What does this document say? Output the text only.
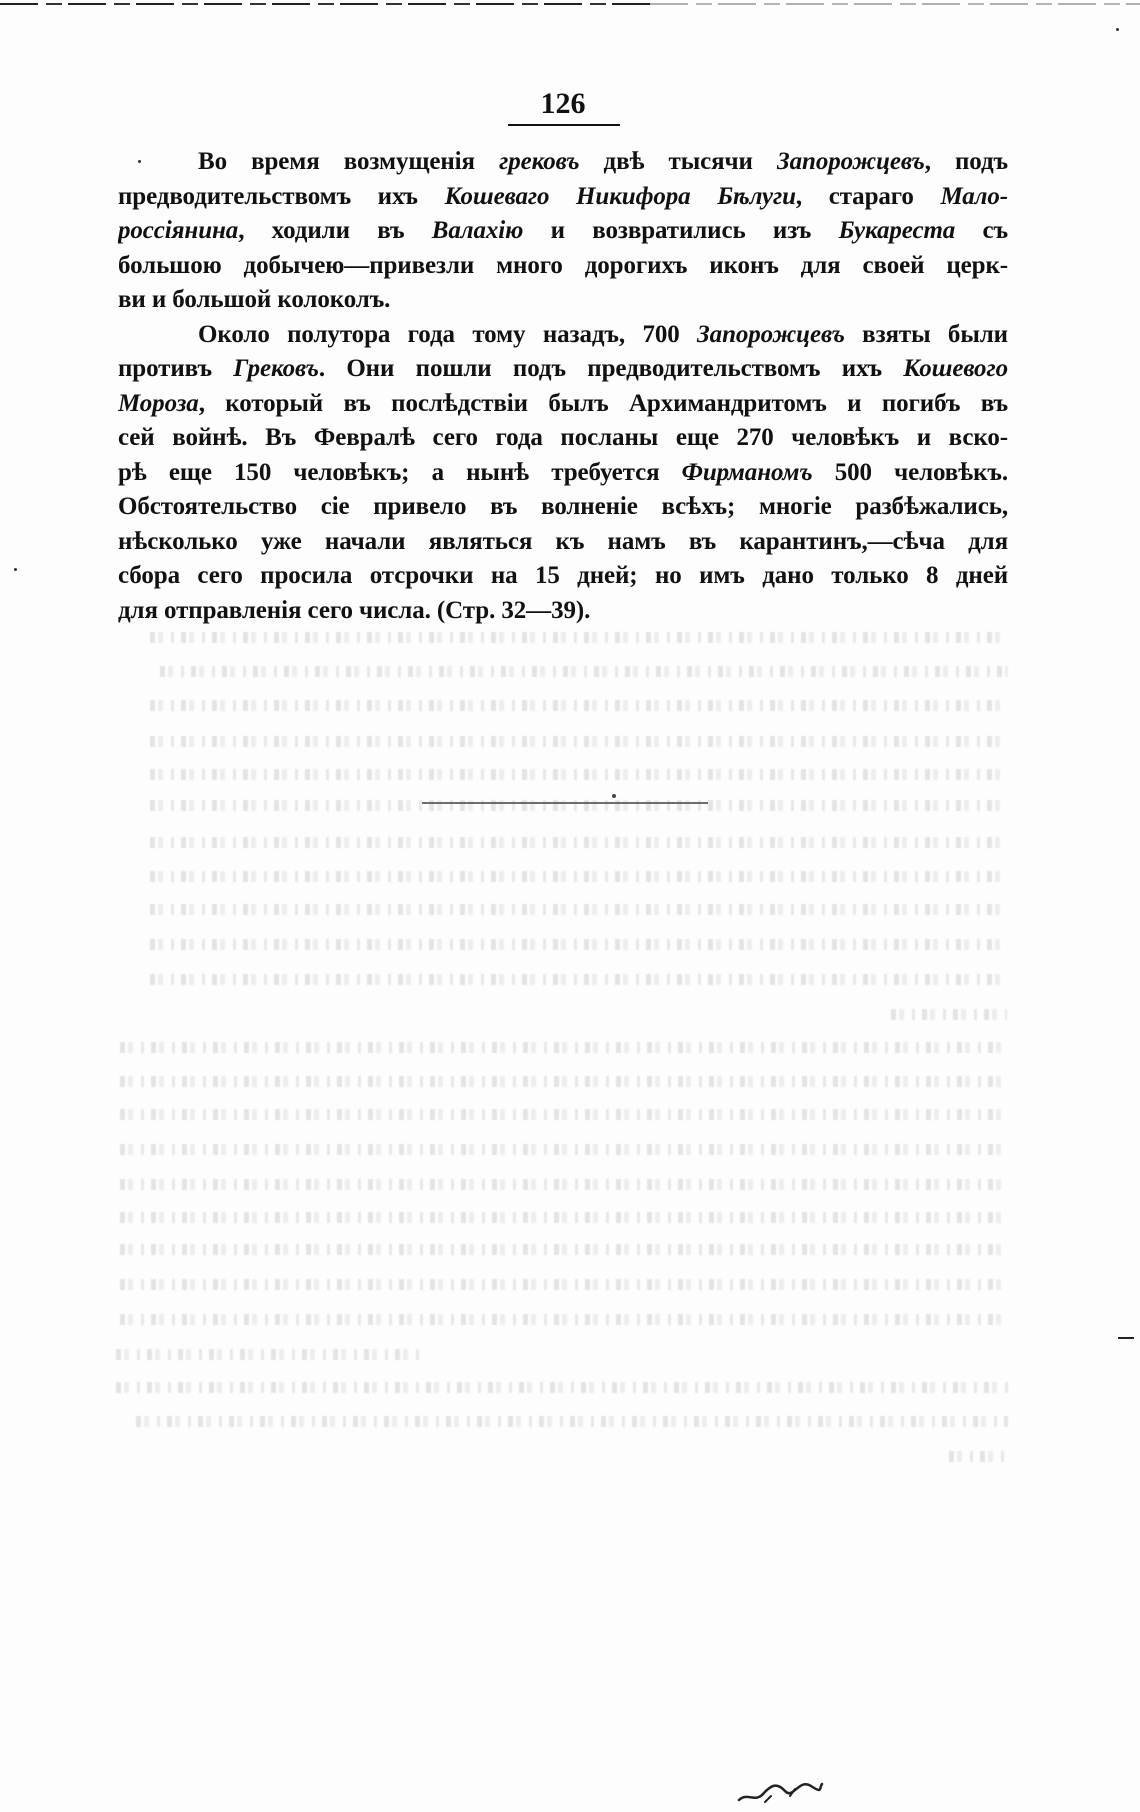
126
Во время возмущенія грековъ двѣ тысячи Запорожцевъ, подъ
предводительствомъ ихъ Кошеваго Никифора Бѣлуги, стараго Мало-
россіянина, ходили въ Валахію и возвратились изъ Букареста съ
большою добычею—привезли много дорогихъ иконъ для своей церк-
ви и большой колоколъ.
Около полутора года тому назадъ, 700 Запорожцевъ взяты были
противъ Грековъ. Они пошли подъ предводительствомъ ихъ Кошевого
Мороза, который въ послѣдствіи былъ Архимандритомъ и погибъ въ
сей войнѣ. Въ Февралѣ сего года посланы еще 270 человѣкъ и вско-
рѣ еще 150 человѣкъ; а нынѣ требуется Фирманомъ 500 человѣкъ.
Обстоятельство сіе привело въ волненіе всѣхъ; многіе разбѣжались,
нѣсколько уже начали являться къ намъ въ карантинъ,—сѣча для
сбора сего просила отсрочки на 15 дней; но имъ дано только 8 дней
для отправленія сего числа. (Стр. 32—39).
